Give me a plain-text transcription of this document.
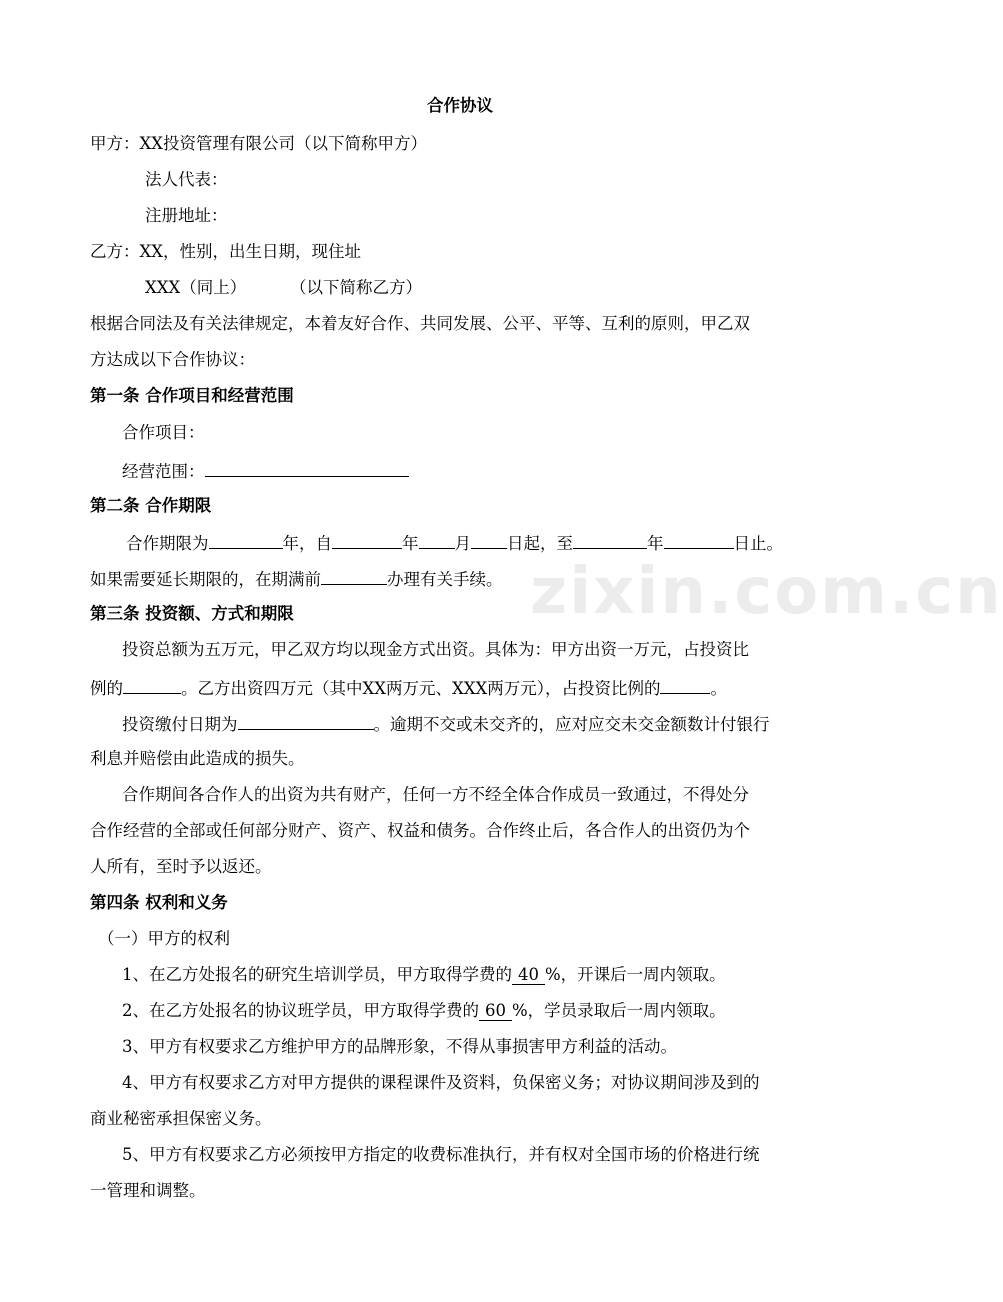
合作协议
甲方：XX投资管理有限公司（以下简称甲方）
法人代表：
注册地址：
乙方：XX，性别，出生日期，现住址
XXX（同上）	（以下简称乙方）
根据合同法及有关法律规定，本着友好合作、共同发展、公平、平等、互利的原则，甲乙双
方达成以下合作协议：
第一条 合作项目和经营范围
合作项目：
经营范围：
第二条 合作期限
合作期限为	年，自	年 月 日起，至	年	日止。
如果需要延长期限的，在期满前	办理有关手续。
第三条 投资额、方式和期限
投资总额为五万元，甲乙双方均以现金方式出资。具体为：甲方出资一万元，占投资比
例的	。乙方出资四万元（其中XX两万元、XXX两万元），占投资比例的	。
投资缴付日期为	。逾期不交或未交齐的，应对应交未交金额数计付银行
利息并赔偿由此造成的损失。
合作期间各合作人的出资为共有财产，任何一方不经全体合作成员一致通过，不得处分
合作经营的全部或任何部分财产、资产、权益和债务。合作终止后，各合作人的出资仍为个
人所有，至时予以返还。
第四条 权利和义务
（一）甲方的权利
1、在乙方处报名的研究生培训学员，甲方取得学费的 40 %，开课后一周内领取。
2、在乙方处报名的协议班学员，甲方取得学费的 60 %，学员录取后一周内领取。
3、甲方有权要求乙方维护甲方的品牌形象，不得从事损害甲方利益的活动。
4、甲方有权要求乙方对甲方提供的课程课件及资料，负保密义务；对协议期间涉及到的
商业秘密承担保密义务。
5、甲方有权要求乙方必须按甲方指定的收费标准执行，并有权对全国市场的价格进行统
一管理和调整。
zixin.com.cn
